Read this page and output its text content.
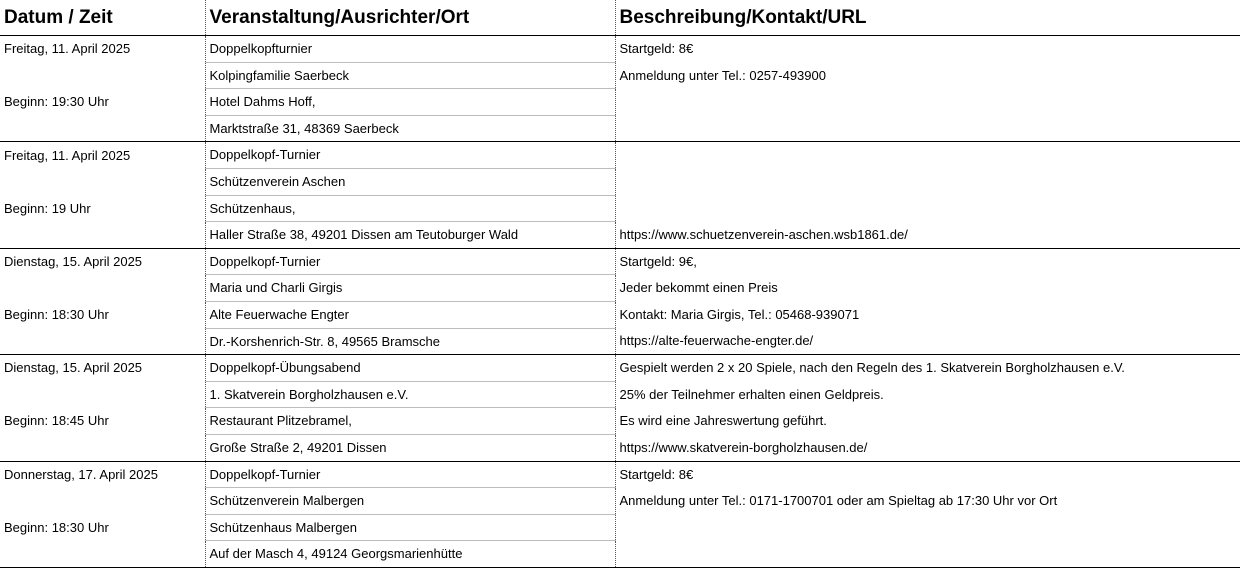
Datum / Zeit	Veranstaltung/Ausrichter/Ort	Beschreibung/Kontakt/URL
Freitag, 11. April 2025	Doppelkopfturnier	Startgeld: 8€
	Kolpingfamilie Saerbeck	Anmeldung unter Tel.: 0257-493900
Beginn: 19:30 Uhr	Hotel Dahms Hoff,	
	Marktstraße 31, 48369 Saerbeck	
Freitag, 11. April 2025	Doppelkopf-Turnier	
	Schützenverein Aschen	
Beginn: 19 Uhr	Schützenhaus,	
	Haller Straße 38, 49201 Dissen am Teutoburger Wald	https://www.schuetzenverein-aschen.wsb1861.de/
Dienstag, 15. April 2025	Doppelkopf-Turnier	Startgeld: 9€,
	Maria und Charli Girgis	Jeder bekommt einen Preis
Beginn: 18:30 Uhr	Alte Feuerwache Engter	Kontakt: Maria Girgis, Tel.: 05468-939071
	Dr.-Korshenrich-Str. 8, 49565 Bramsche	https://alte-feuerwache-engter.de/
Dienstag, 15. April 2025	Doppelkopf-Übungsabend	Gespielt werden 2 x 20 Spiele, nach den Regeln des 1. Skatverein Borgholzhausen e.V.
	1. Skatverein Borgholzhausen e.V.	25% der Teilnehmer erhalten einen Geldpreis.
Beginn: 18:45 Uhr	Restaurant Plitzebramel,	Es wird eine Jahreswertung geführt.
	Große Straße 2, 49201 Dissen	https://www.skatverein-borgholzhausen.de/
Donnerstag, 17. April 2025	Doppelkopf-Turnier	Startgeld: 8€
	Schützenverein Malbergen	Anmeldung unter Tel.: 0171-1700701 oder am Spieltag ab 17:30 Uhr vor Ort
Beginn: 18:30 Uhr	Schützenhaus Malbergen	
	Auf der Masch 4, 49124 Georgsmarienhütte	
